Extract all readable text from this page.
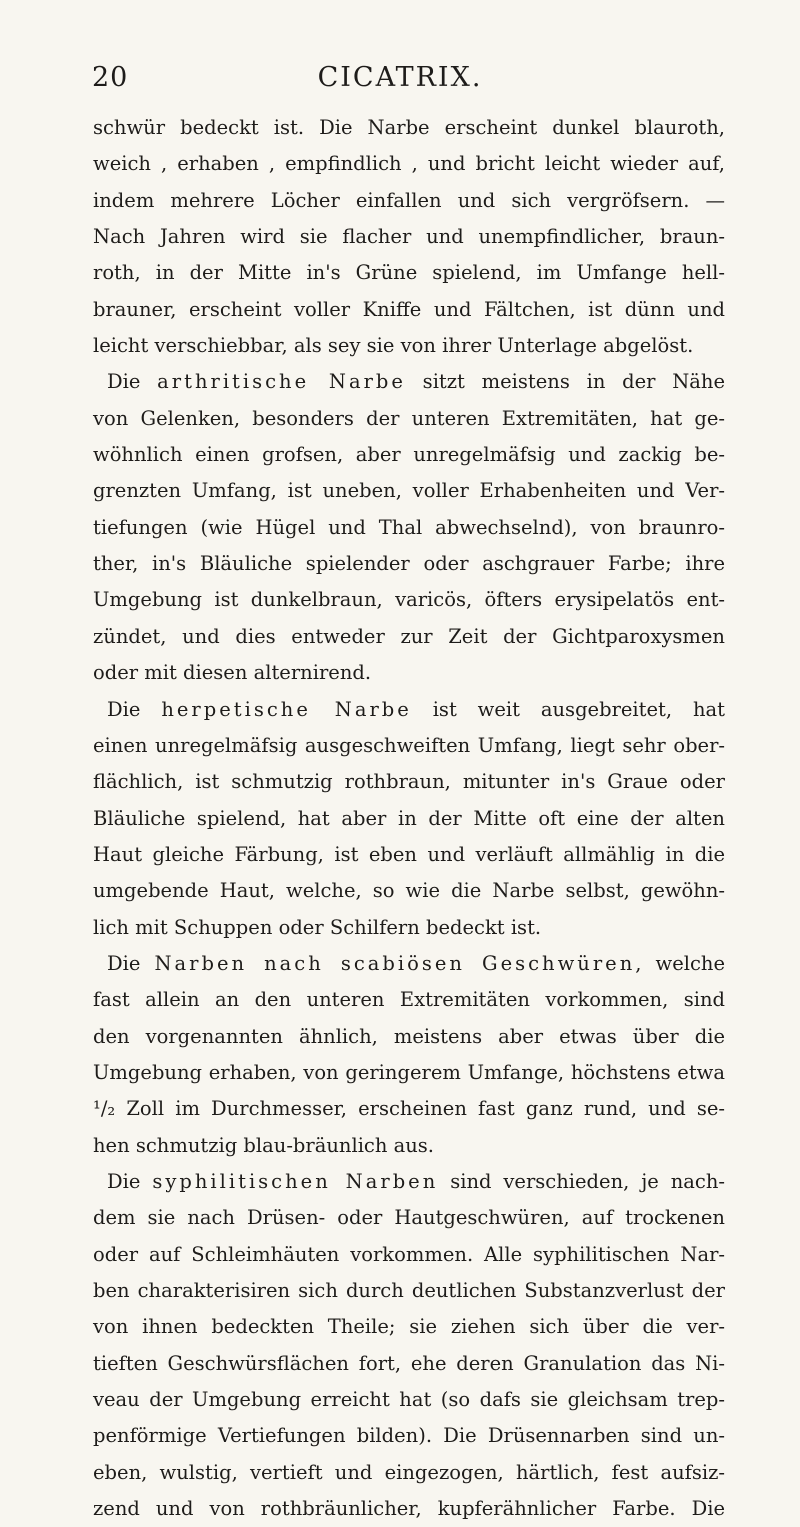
20	CICATRIX.
schwür bedeckt ist. Die Narbe erscheint dunkel blauroth,
weich , erhaben , empfindlich , und bricht leicht wieder auf,
indem mehrere Löcher einfallen und sich vergröfsern. —
Nach Jahren wird sie flacher und unempfindlicher, braun-
roth, in der Mitte in's Grüne spielend, im Umfange hell-
brauner, erscheint voller Kniffe und Fältchen, ist dünn und
leicht verschiebbar, als sey sie von ihrer Unterlage abgelöst.
Die arthritische Narbe sitzt meistens in der Nähe
von Gelenken, besonders der unteren Extremitäten, hat ge-
wöhnlich einen grofsen, aber unregelmäfsig und zackig be-
grenzten Umfang, ist uneben, voller Erhabenheiten und Ver-
tiefungen (wie Hügel und Thal abwechselnd), von braunro-
ther, in's Bläuliche spielender oder aschgrauer Farbe; ihre
Umgebung ist dunkelbraun, varicös, öfters erysipelatös ent-
zündet, und dies entweder zur Zeit der Gichtparoxysmen
oder mit diesen alternirend.
Die herpetische Narbe ist weit ausgebreitet, hat
einen unregelmäfsig ausgeschweiften Umfang, liegt sehr ober-
flächlich, ist schmutzig rothbraun, mitunter in's Graue oder
Bläuliche spielend, hat aber in der Mitte oft eine der alten
Haut gleiche Färbung, ist eben und verläuft allmählig in die
umgebende Haut, welche, so wie die Narbe selbst, gewöhn-
lich mit Schuppen oder Schilfern bedeckt ist.
Die Narben nach scabiösen Geschwüren, welche
fast allein an den unteren Extremitäten vorkommen, sind
den vorgenannten ähnlich, meistens aber etwas über die
Umgebung erhaben, von geringerem Umfange, höchstens etwa
¹/₂ Zoll im Durchmesser, erscheinen fast ganz rund, und se-
hen schmutzig blau-bräunlich aus.
Die syphilitischen Narben sind verschieden, je nach-
dem sie nach Drüsen- oder Hautgeschwüren, auf trockenen
oder auf Schleimhäuten vorkommen. Alle syphilitischen Nar-
ben charakterisiren sich durch deutlichen Substanzverlust der
von ihnen bedeckten Theile; sie ziehen sich über die ver-
tieften Geschwürsflächen fort, ehe deren Granulation das Ni-
veau der Umgebung erreicht hat (so dafs sie gleichsam trep-
penförmige Vertiefungen bilden). Die Drüsennarben sind un-
eben, wulstig, vertieft und eingezogen, härtlich, fest aufsiz-
zend und von rothbräunlicher, kupferähnlicher Farbe. Die
